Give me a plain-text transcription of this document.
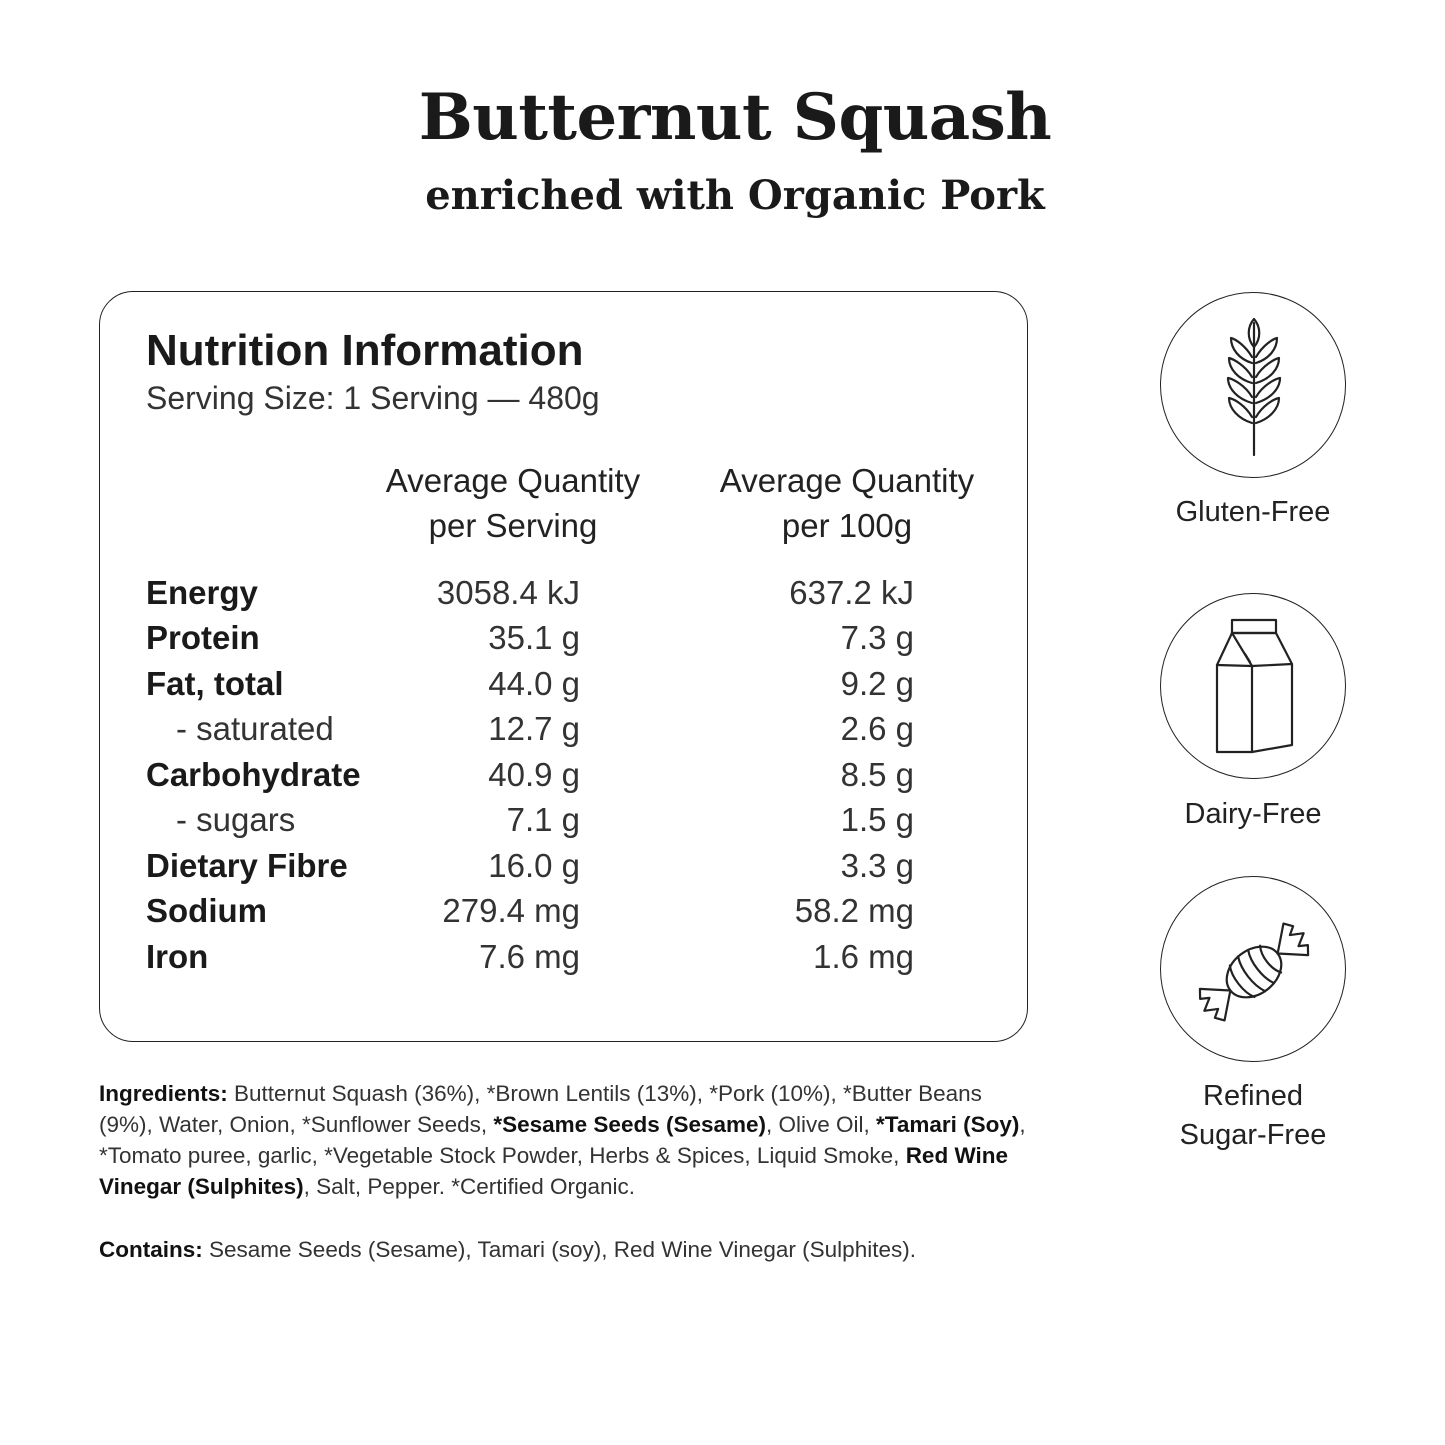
Butternut Squash
enriched with Organic Pork
Nutrition Information
Serving Size: 1 Serving — 480g
Average Quantity
per Serving
Average Quantity
per 100g
Energy	3058.4 kJ	637.2 kJ
Protein	35.1 g	7.3 g
Fat, total	44.0 g	9.2 g
- saturated	12.7 g	2.6 g
Carbohydrate	40.9 g	8.5 g
- sugars	7.1 g	1.5 g
Dietary Fibre	16.0 g	3.3 g
Sodium	279.4 mg	58.2 mg
Iron	7.6 mg	1.6 mg

Ingredients: Butternut Squash (36%), *Brown Lentils (13%), *Pork (10%), *Butter Beans (9%), Water, Onion, *Sunflower Seeds, *Sesame Seeds (Sesame), Olive Oil, *Tamari (Soy), *Tomato puree, garlic, *Vegetable Stock Powder, Herbs & Spices, Liquid Smoke, Red Wine Vinegar (Sulphites), Salt, Pepper. *Certified Organic.

Contains: Sesame Seeds (Sesame), Tamari (soy), Red Wine Vinegar (Sulphites).

Gluten-Free
Dairy-Free
Refined
Sugar-Free
